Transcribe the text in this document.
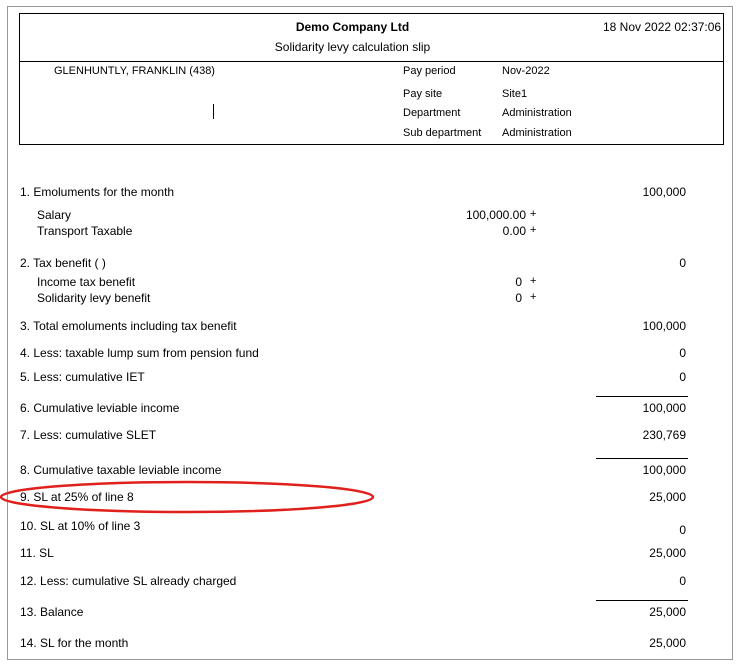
Demo Company Ltd
Solidarity levy calculation slip
18 Nov 2022 02:37:06
GLENHUNTLY, FRANKLIN (438)	Pay period	Nov-2022
Pay site	Site1
Department	Administration
Sub department Administration
1. Emoluments for the month	100,000
Salary	100,000.00 +
Transport Taxable	0.00 +
2. Tax benefit ( )	0
Income tax benefit	0 +
Solidarity levy benefit	0 +
3. Total emoluments including tax benefit	100,000
4. Less: taxable lump sum from pension fund	0
5. Less: cumulative IET	0
6. Cumulative leviable income	100,000
7. Less: cumulative SLET	230,769
8. Cumulative taxable leviable income	100,000
9. SL at 25% of line 8	25,000
10. SL at 10% of line 3	0
11. SL	25,000
12. Less: cumulative SL already charged	0
13. Balance	25,000
14. SL for the month	25,000
